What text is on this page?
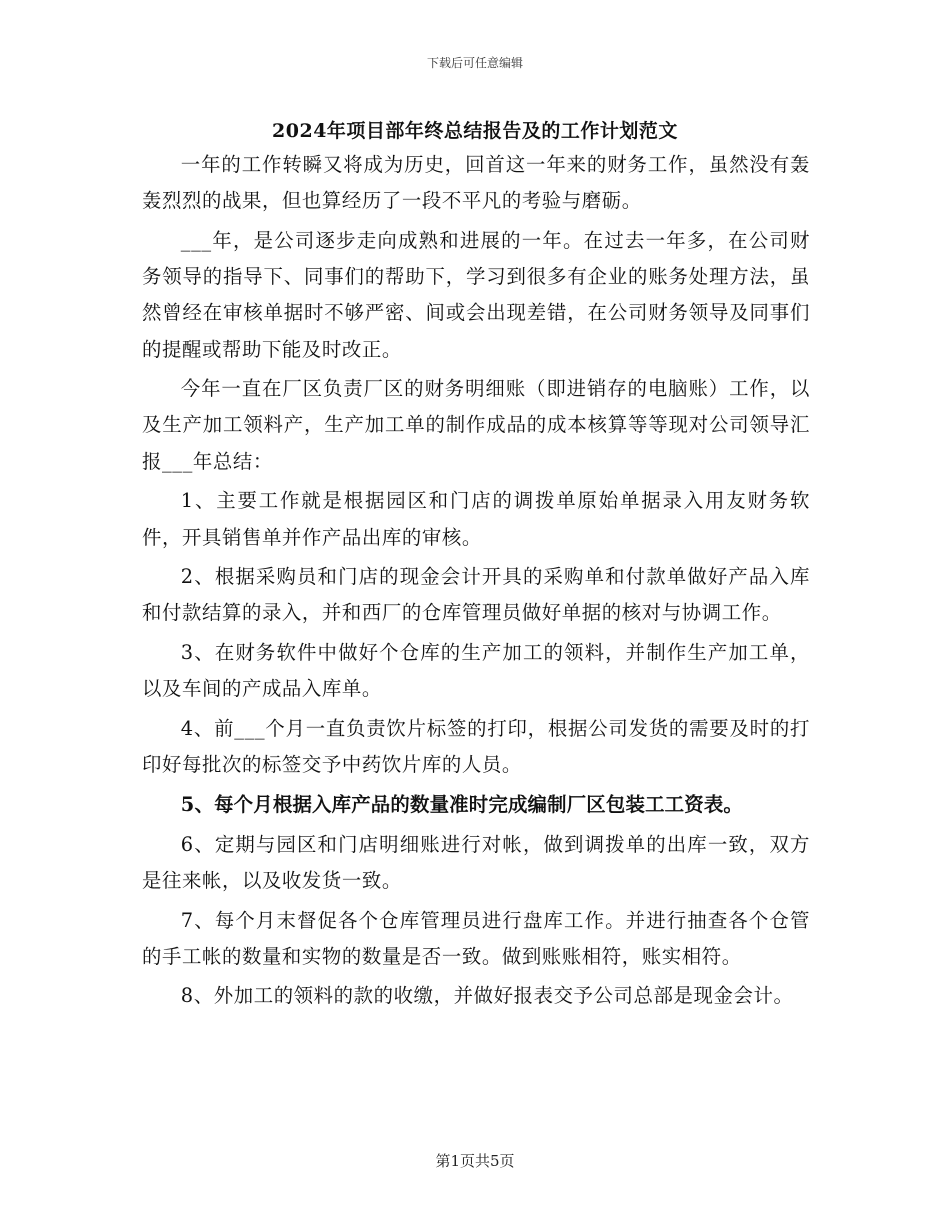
下载后可任意编辑
2024年项目部年终总结报告及的工作计划范文

一年的工作转瞬又将成为历史，回首这一年来的财务工作，虽然没有轰轰烈烈的战果，但也算经历了一段不平凡的考验与磨砺。

___年，是公司逐步走向成熟和进展的一年。在过去一年多，在公司财务领导的指导下、同事们的帮助下，学习到很多有企业的账务处理方法，虽然曾经在审核单据时不够严密、间或会出现差错，在公司财务领导及同事们的提醒或帮助下能及时改正。

今年一直在厂区负责厂区的财务明细账（即进销存的电脑账）工作，以及生产加工领料产，生产加工单的制作成品的成本核算等等现对公司领导汇报___年总结：

1、主要工作就是根据园区和门店的调拨单原始单据录入用友财务软件，开具销售单并作产品出库的审核。

2、根据采购员和门店的现金会计开具的采购单和付款单做好产品入库和付款结算的录入，并和西厂的仓库管理员做好单据的核对与协调工作。

3、在财务软件中做好个仓库的生产加工的领料，并制作生产加工单，以及车间的产成品入库单。

4、前___个月一直负责饮片标签的打印，根据公司发货的需要及时的打印好每批次的标签交予中药饮片库的人员。

5、每个月根据入库产品的数量准时完成编制厂区包装工工资表。

6、定期与园区和门店明细账进行对帐，做到调拨单的出库一致，双方是往来帐，以及收发货一致。

7、每个月末督促各个仓库管理员进行盘库工作。并进行抽查各个仓管的手工帐的数量和实物的数量是否一致。做到账账相符，账实相符。

8、外加工的领料的款的收缴，并做好报表交予公司总部是现金会计。

第1页共5页
